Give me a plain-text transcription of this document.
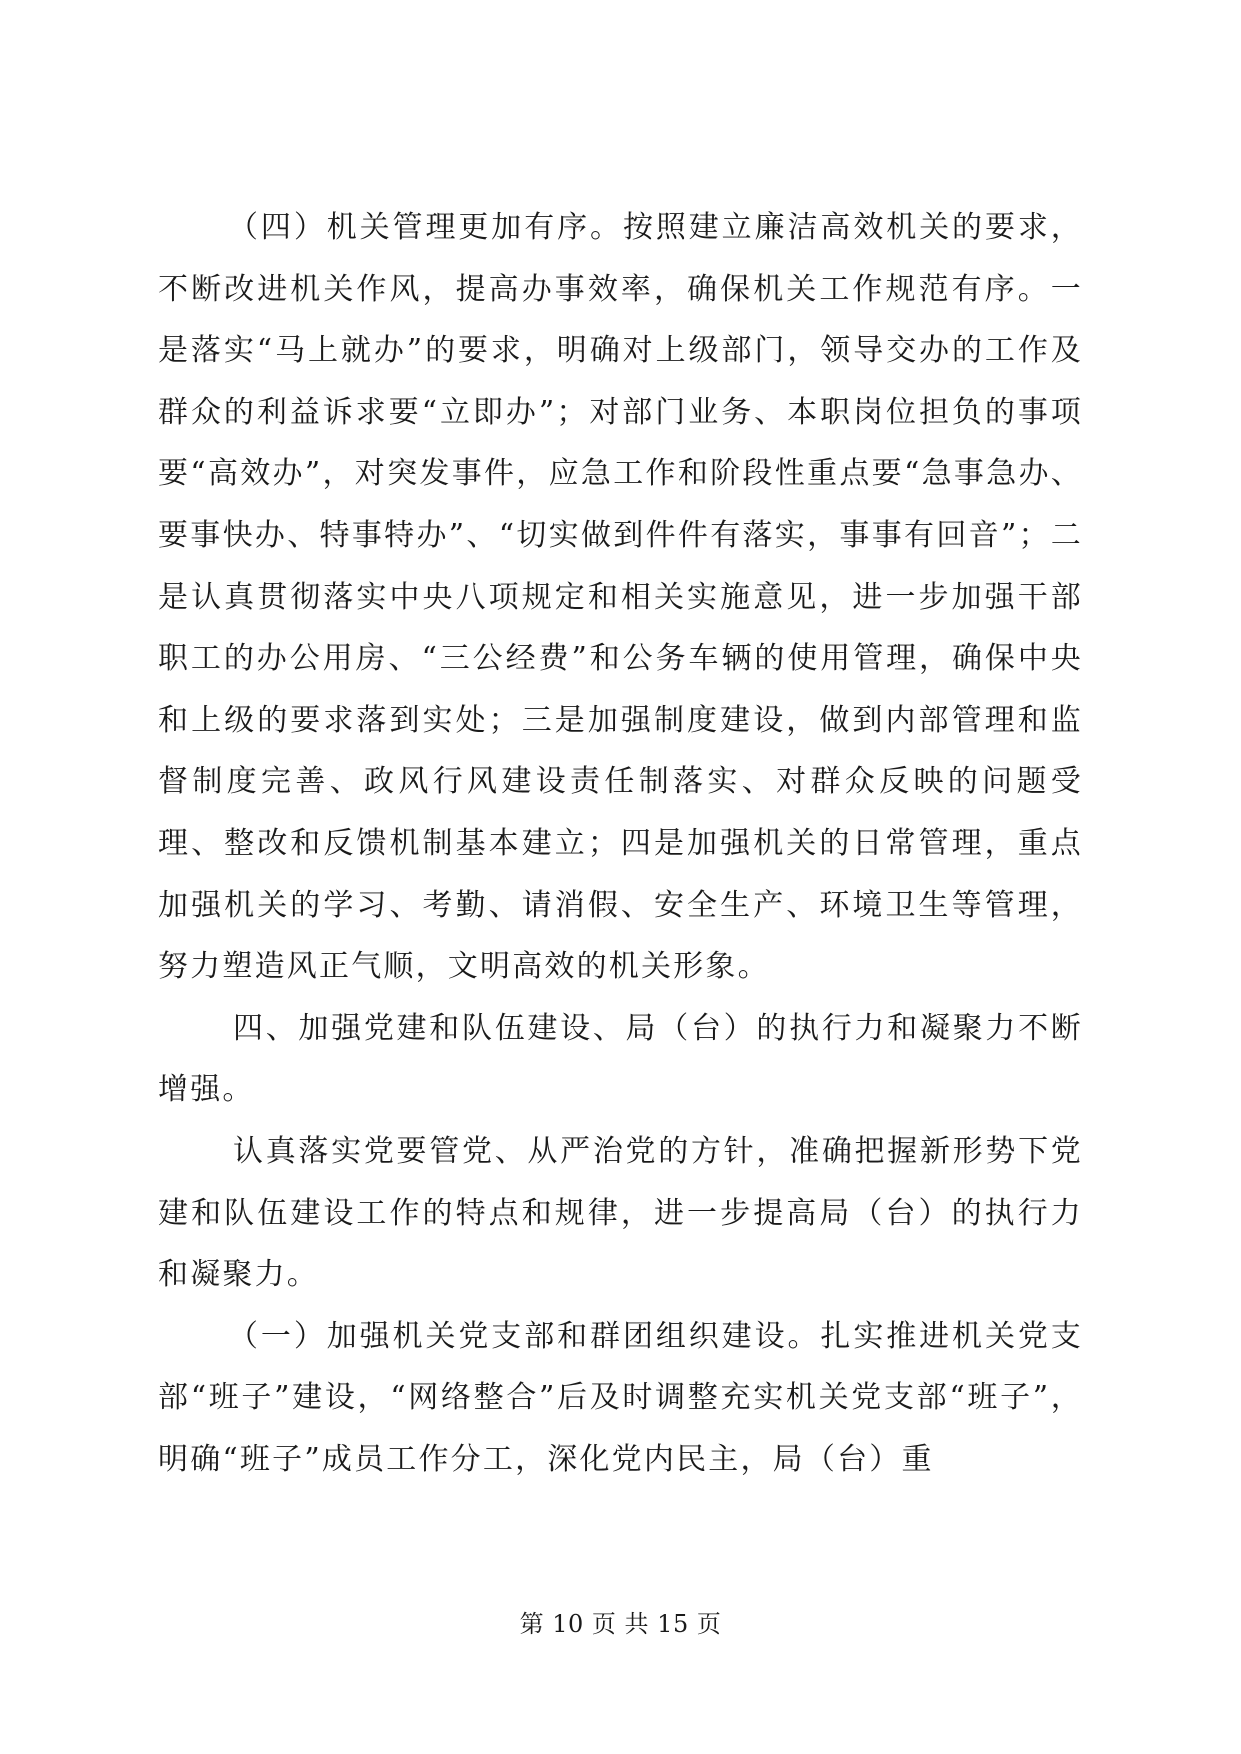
（四）机关管理更加有序。按照建立廉洁高效机关的要求，不断改进机关作风，提高办事效率，确保机关工作规范有序。一是落实“马上就办”的要求，明确对上级部门，领导交办的工作及群众的利益诉求要“立即办”；对部门业务、本职岗位担负的事项要“高效办”，对突发事件，应急工作和阶段性重点要“急事急办、要事快办、特事特办”、“切实做到件件有落实，事事有回音”；二是认真贯彻落实中央八项规定和相关实施意见，进一步加强干部职工的办公用房、“三公经费”和公务车辆的使用管理，确保中央和上级的要求落到实处；三是加强制度建设，做到内部管理和监督制度完善、政风行风建设责任制落实、对群众反映的问题受理、整改和反馈机制基本建立；四是加强机关的日常管理，重点加强机关的学习、考勤、请消假、安全生产、环境卫生等管理，努力塑造风正气顺，文明高效的机关形象。

四、加强党建和队伍建设、局（台）的执行力和凝聚力不断增强。

认真落实党要管党、从严治党的方针，准确把握新形势下党建和队伍建设工作的特点和规律，进一步提高局（台）的执行力和凝聚力。

（一）加强机关党支部和群团组织建设。扎实推进机关党支部“班子”建设，“网络整合”后及时调整充实机关党支部“班子”，明确“班子”成员工作分工，深化党内民主，局（台）重

第 10 页 共 15 页
